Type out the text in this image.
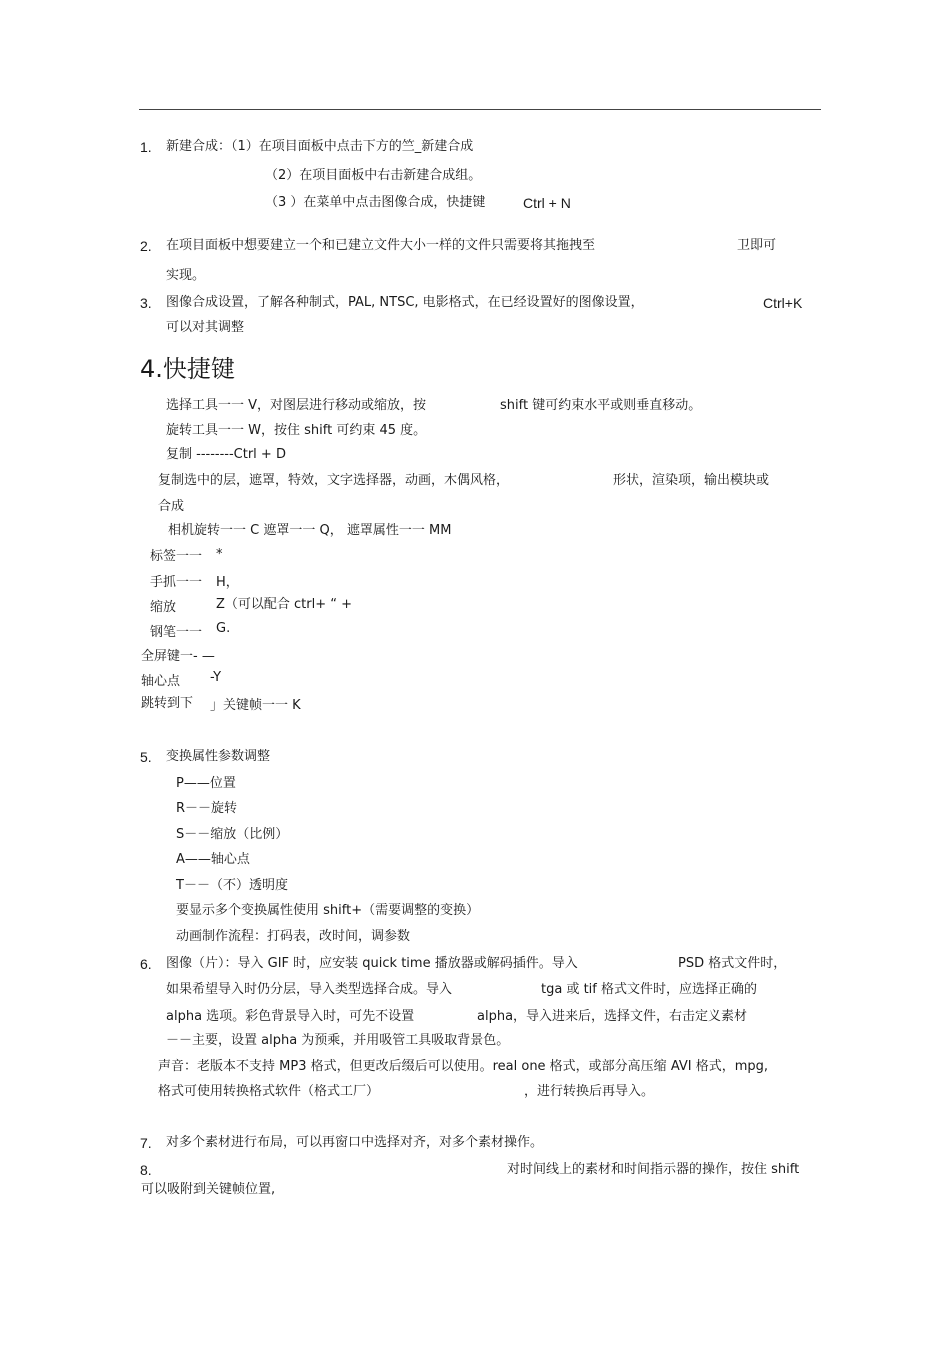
1. 新建合成：（1）在项目面板中点击下方的竺_新建合成
（2）在项目面板中右击新建合成组。
（3 ）在菜单中点击图像合成，快捷键	Ctrl + N
2. 在项目面板中想要建立一个和已建立文件大小一样的文件只需要将其拖拽至	卫即可
实现。
3. 图像合成设置，了解各种制式，PAL, NTSC, 电影格式，在已经设置好的图像设置，	Ctrl+K
可以对其调整
4.快捷键
选择工具一一 V，对图层进行移动或缩放，按	shift 键可约束水平或则垂直移动。
旋转工具一一 W，按住 shift 可约束 45 度。
复制 --------Ctrl + D
复制选中的层，遮罩，特效，文字选择器，动画，木偶风格，	形状，渲染项，输出模块或
合成
相机旋转一一 C 遮罩一一 Q， 遮罩属性一一 MM
标签一一 *
手抓一一 H，
缩放	Z（可以配合 ctrl+ “ +
钢笔一一 G.
全屏键一- —
轴心点 -Y
跳转到下 」关键帧一一 K
5. 变换属性参数调整
P——位置
R－－旋转
S－－缩放（比例）
A——轴心点
T－－（不）透明度
要显示多个变换属性使用 shift+（需要调整的变换）
动画制作流程：打码表，改时间，调参数
6. 图像（片）：导入 GIF 时，应安装 quick time 播放器或解码插件。导入	PSD 格式文件时，
如果希望导入时仍分层，导入类型选择合成。导入	tga 或 tif 格式文件时，应选择正确的
alpha 选项。彩色背景导入时，可先不设置	alpha，导入进来后，选择文件，右击定义素材
－－主要，设置 alpha 为预乘，并用吸管工具吸取背景色。
声音：老版本不支持 MP3 格式，但更改后缀后可以使用。real one 格式，或部分高压缩 AVI 格式，mpg,
格式可使用转换格式软件（格式工厂）	，进行转换后再导入。
7. 对多个素材进行布局，可以再窗口中选择对齐，对多个素材操作。
8.	对时间线上的素材和时间指示器的操作，按住 shift
可以吸附到关键帧位置,
